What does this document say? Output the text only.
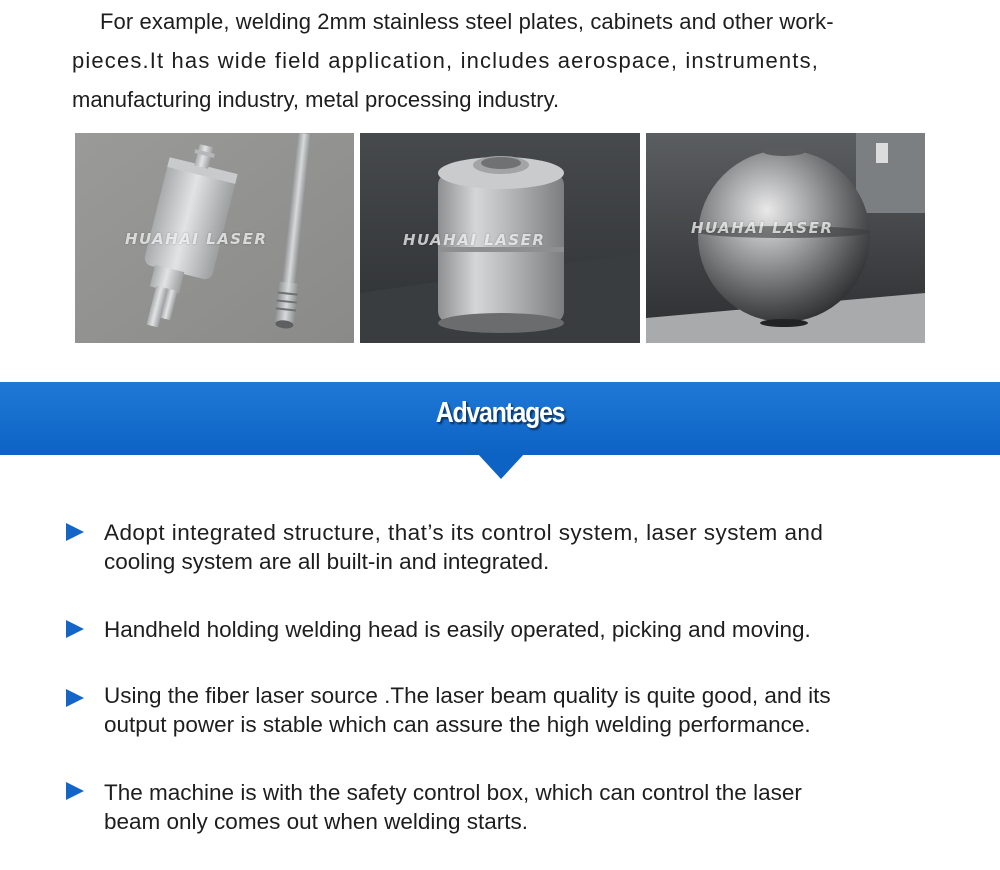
For example, welding 2mm stainless steel plates, cabinets and other work-
pieces.It has wide field application, includes aerospace, instruments,
manufacturing industry, metal processing industry.

HUAHAI LASER	HUAHAI LASER
HUAHAI LASER
Advantages

Adopt integrated structure, that’s its control system, laser system and
cooling system are all built-in and integrated.

Handheld holding welding head is easily operated, picking and moving.

Using the fiber laser source .The laser beam quality is quite good, and its
output power is stable which can assure the high welding performance.

The machine is with the safety control box, which can control the laser
beam only comes out when welding starts.
